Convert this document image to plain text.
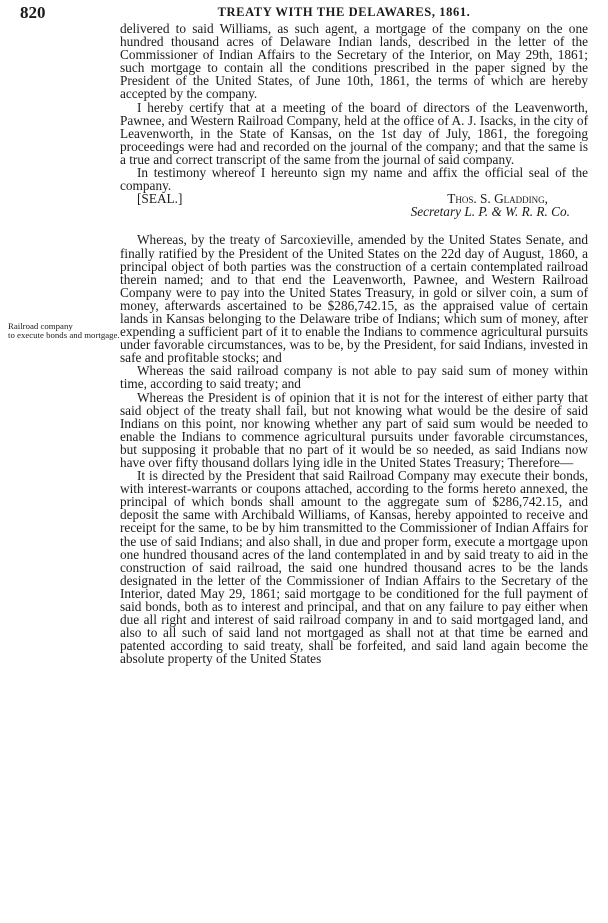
820	TREATY WITH THE DELAWARES, 1861.
Railroad company
to execute bonds and mortgage.

delivered to said Williams, as such agent, a mortgage of the company on the one hundred thousand acres of Delaware Indian lands, described in the letter of the Commissioner of Indian Affairs to the Secretary of the Interior, on May 29th, 1861; such mortgage to contain all the conditions prescribed in the paper signed by the President of the United States, of June 10th, 1861, the terms of which are hereby accepted by the company.

I hereby certify that at a meeting of the board of directors of the Leavenworth, Pawnee, and Western Railroad Company, held at the office of A. J. Isacks, in the city of Leavenworth, in the State of Kansas, on the 1st day of July, 1861, the foregoing proceedings were had and recorded on the journal of the company; and that the same is a true and correct transcript of the same from the journal of said company.

In testimony whereof I hereunto sign my name and affix the official seal of the company.

[SEAL.]	Thos. S. Gladding,
Secretary L. P. & W. R. R. Co.

Whereas, by the treaty of Sarcoxieville, amended by the United States Senate, and finally ratified by the President of the United States on the 22d day of August, 1860, a principal object of both parties was the construction of a certain contemplated railroad therein named; and to that end the Leavenworth, Pawnee, and Western Railroad Company were to pay into the United States Treasury, in gold or silver coin, a sum of money, afterwards ascertained to be $286,742.15, as the appraised value of certain lands in Kansas belonging to the Delaware tribe of Indians; which sum of money, after expending a sufficient part of it to enable the Indians to commence agricultural pursuits under favorable circumstances, was to be, by the President, for said Indians, invested in safe and profitable stocks; and

Whereas the said railroad company is not able to pay said sum of money within time, according to said treaty; and

Whereas the President is of opinion that it is not for the interest of either party that said object of the treaty shall fail, but not knowing what would be the desire of said Indians on this point, nor knowing whether any part of said sum would be needed to enable the Indians to commence agricultural pursuits under favorable circumstances, but supposing it probable that no part of it would be so needed, as said Indians now have over fifty thousand dollars lying idle in the United States Treasury; Therefore—

It is directed by the President that said Railroad Company may execute their bonds, with interest-warrants or coupons attached, according to the forms hereto annexed, the principal of which bonds shall amount to the aggregate sum of $286,742.15, and deposit the same with Archibald Williams, of Kansas, hereby appointed to receive and receipt for the same, to be by him transmitted to the Commissioner of Indian Affairs for the use of said Indians; and also shall, in due and proper form, execute a mortgage upon one hundred thousand acres of the land contemplated in and by said treaty to aid in the construction of said railroad, the said one hundred thousand acres to be the lands designated in the letter of the Commissioner of Indian Affairs to the Secretary of the Interior, dated May 29, 1861; said mortgage to be conditioned for the full payment of said bonds, both as to interest and principal, and that on any failure to pay either when due all right and interest of said railroad company in and to said mortgaged land, and also to all such of said land not mortgaged as shall not at that time be earned and patented according to said treaty, shall be forfeited, and said land again become the absolute property of the United States
